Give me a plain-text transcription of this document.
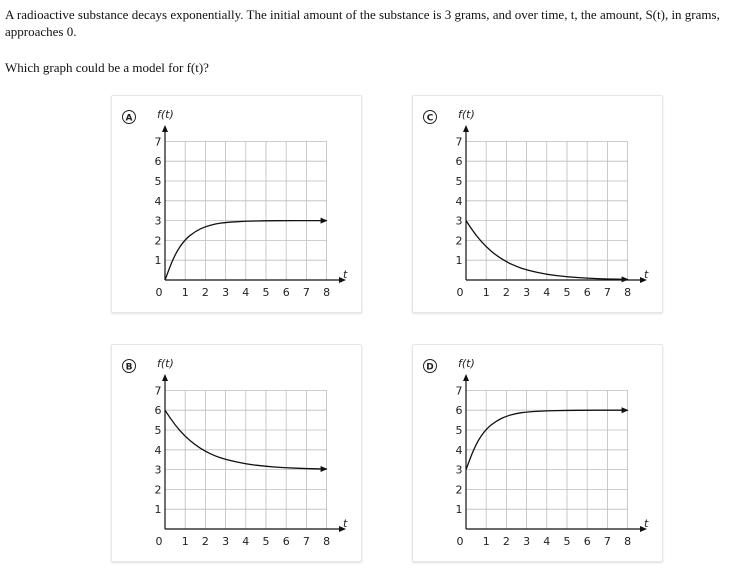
A radioactive substance decays exponentially. The initial amount of the substance is 3 grams, and over time, t, the amount, S(t), in grams,

approaches 0.

Which graph could be a model for f(t)?
A f(t)
t
1
2
3
4
5
6
7
0 1 2 3 4 5 6 7 8
B f(t)
t
1
2
3
4
5
6
7
0 1 2 3 4 5 6 7 8
C f(t)
t
1
2
3
4
5
6
7
0 1 2 3 4 5 6 7 8
D f(t)
t
1
2
3
4
5
6
7
0 1 2 3 4 5 6 7 8
